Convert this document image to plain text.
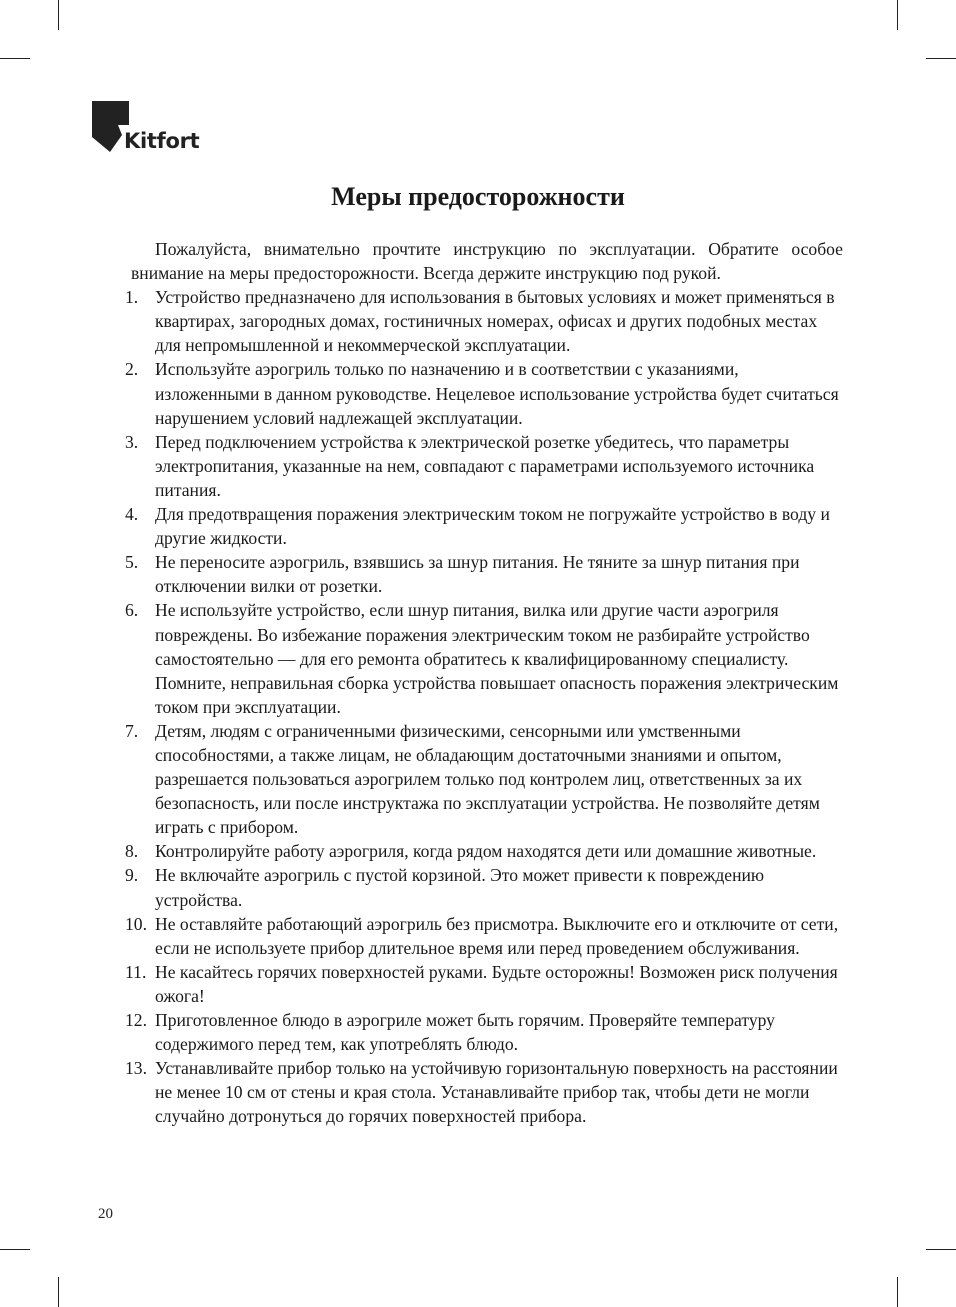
Kitfort
Меры предосторожности

Пожалуйста, внимательно прочтите инструкцию по эксплуатации. Обратите особое внимание на меры предосторожности. Всегда держите инструкцию под рукой.

1. Устройство предназначено для использования в бытовых условиях и может применяться в квартирах, загородных домах, гостиничных номерах, офисах и других подобных местах для непромышленной и некоммерческой эксплуатации.
2. Используйте аэрогриль только по назначению и в соответствии с указаниями, изложенными в данном руководстве. Нецелевое использование устройства будет считаться нарушением условий надлежащей эксплуатации.
3. Перед подключением устройства к электрической розетке убедитесь, что параметры электропитания, указанные на нем, совпадают с параметрами используемого источника питания.
4. Для предотвращения поражения электрическим током не погружайте устройство в воду и другие жидкости.
5. Не переносите аэрогриль, взявшись за шнур питания. Не тяните за шнур питания при отключении вилки от розетки.
6. Не используйте устройство, если шнур питания, вилка или другие части аэрогриля повреждены. Во избежание поражения электрическим током не разбирайте устройство самостоятельно — для его ремонта обратитесь к квалифицированному специалисту. Помните, неправильная сборка устройства повышает опасность поражения электрическим током при эксплуатации.
7. Детям, людям с ограниченными физическими, сенсорными или умственными способностями, а также лицам, не обладающим достаточными знаниями и опытом, разрешается пользоваться аэрогрилем только под контролем лиц, ответственных за их безопасность, или после инструктажа по эксплуатации устройства. Не позволяйте детям играть с прибором.
8. Контролируйте работу аэрогриля, когда рядом находятся дети или домашние животные.
9. Не включайте аэрогриль с пустой корзиной. Это может привести к повреждению устройства.
10. Не оставляйте работающий аэрогриль без присмотра. Выключите его и отключите от сети, если не используете прибор длительное время или перед проведением обслуживания.
11. Не касайтесь горячих поверхностей руками. Будьте осторожны! Возможен риск получения ожога!
12. Приготовленное блюдо в аэрогриле может быть горячим. Проверяйте температуру содержимого перед тем, как употреблять блюдо.
13. Устанавливайте прибор только на устойчивую горизонтальную поверхность на расстоянии не менее 10 см от стены и края стола. Устанавливайте прибор так, чтобы дети не могли случайно дотронуться до горячих поверхностей прибора.
20
